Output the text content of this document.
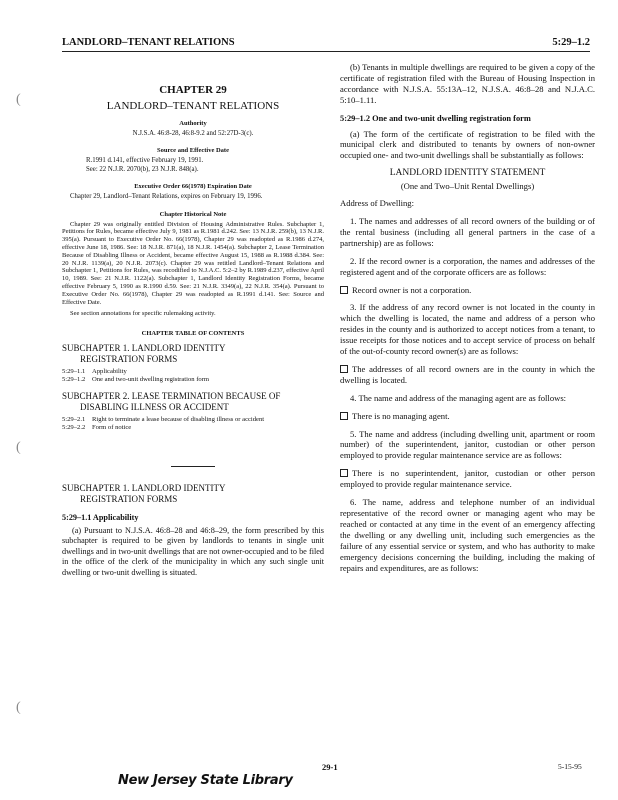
(
(
(
LANDLORD–TENANT RELATIONS	5:29–1.2
CHAPTER 29
LANDLORD–TENANT RELATIONS
Authority
N.J.S.A. 46:8-28, 46:8-9.2 and 52:27D-3(c).
Source and Effective Date
R.1991 d.141, effective February 19, 1991.
See: 22 N.J.R. 2070(b), 23 N.J.R. 848(a).
Executive Order 66(1978) Expiration Date
Chapter 29, Landlord–Tenant Relations, expires on February 19, 1996.
Chapter Historical Note
Chapter 29 was originally entitled Division of Housing Administrative Rules. Subchapter 1, Petitions for Rules, became effective July 9, 1981 as R.1981 d.242. See: 13 N.J.R. 259(b), 13 N.J.R. 395(a). Pursuant to Executive Order No. 66(1978), Chapter 29 was readopted as R.1986 d.274, effective June 18, 1986. See: 18 N.J.R. 871(a), 18 N.J.R. 1454(a). Subchapter 2, Lease Termination Because of Disabling Illness or Accident, became effective August 15, 1988 as R.1988 d.384. See: 20 N.J.R. 1139(a), 20 N.J.R. 2073(c). Chapter 29 was retitled Landlord–Tenant Relations and Subchapter 1, Petitions for Rules, was recodified to N.J.A.C. 5:2–2 by R.1989 d.237, effective April 10, 1989. See: 21 N.J.R. 1122(a). Subchapter 1, Landlord Identity Registration Forms, became effective February 5, 1990 as R.1990 d.59. See: 21 N.J.R. 3349(a), 22 N.J.R. 354(a). Pursuant to Executive Order No. 66(1978), Chapter 29 was readopted as R.1991 d.141. See: Source and Effective Date.
See section annotations for specific rulemaking activity.
CHAPTER TABLE OF CONTENTS
SUBCHAPTER 1. LANDLORD IDENTITY
REGISTRATION FORMS
5:29–1.1	Applicability
5:29–1.2	One and two-unit dwelling registration form
SUBCHAPTER 2. LEASE TERMINATION BECAUSE OF
DISABLING ILLNESS OR ACCIDENT
5:29–2.1	Right to terminate a lease because of disabling illness or accident
5:29–2.2	Form of notice
SUBCHAPTER 1. LANDLORD IDENTITY
REGISTRATION FORMS
5:29–1.1 Applicability
(a) Pursuant to N.J.S.A. 46:8–28 and 46:8–29, the form prescribed by this subchapter is required to be given by landlords to tenants in single unit dwellings and in two-unit dwellings that are not owner-occupied and to be filed in the office of the clerk of the municipality in which any such single unit dwelling or two-unit dwelling is situated.

(b) Tenants in multiple dwellings are required to be given a copy of the certificate of registration filed with the Bureau of Housing Inspection in accordance with N.J.S.A. 55:13A–12, N.J.S.A. 46:8–28 and N.J.A.C. 5:10–1.11.

5:29–1.2 One and two-unit dwelling registration form

(a) The form of the certificate of registration to be filed with the municipal clerk and distributed to tenants by owners of non-owner occupied one- and two-unit dwellings shall be substantially as follows:

LANDLORD IDENTITY STATEMENT
(One and Two–Unit Rental Dwellings)

Address of Dwelling:

1. The names and addresses of all record owners of the building or of the rental business (including all general partners in the case of a partnership) are as follows:

2. If the record owner is a corporation, the names and addresses of the registered agent and of the corporate officers are as follows:

Record owner is not a corporation.

3. If the address of any record owner is not located in the county in which the dwelling is located, the name and address of a person who resides in the county and is authorized to accept notices from a tenant, to issue receipts for those notices and to accept service of process on behalf of the out-of-county record owner(s) are as follows:

The addresses of all record owners are in the county in which the dwelling is located.

4. The name and address of the managing agent are as follows:

There is no managing agent.

5. The name and address (including dwelling unit, apartment or room number) of the superintendent, janitor, custodian or other person employed to provide regular maintenance service are as follows:

There is no superintendent, janitor, custodian or other person employed to provide regular maintenance service.

6. The name, address and telephone number of an individual representative of the record owner or managing agent who may be reached or contacted at any time in the event of an emergency affecting the dwelling or any dwelling unit, including such emergencies as the failure of any essential service or system, and who has authority to make emergency decisions concerning the building, including the making of repairs and expenditures, are as follows:

29-1	5-15-95
New Jersey State Library
